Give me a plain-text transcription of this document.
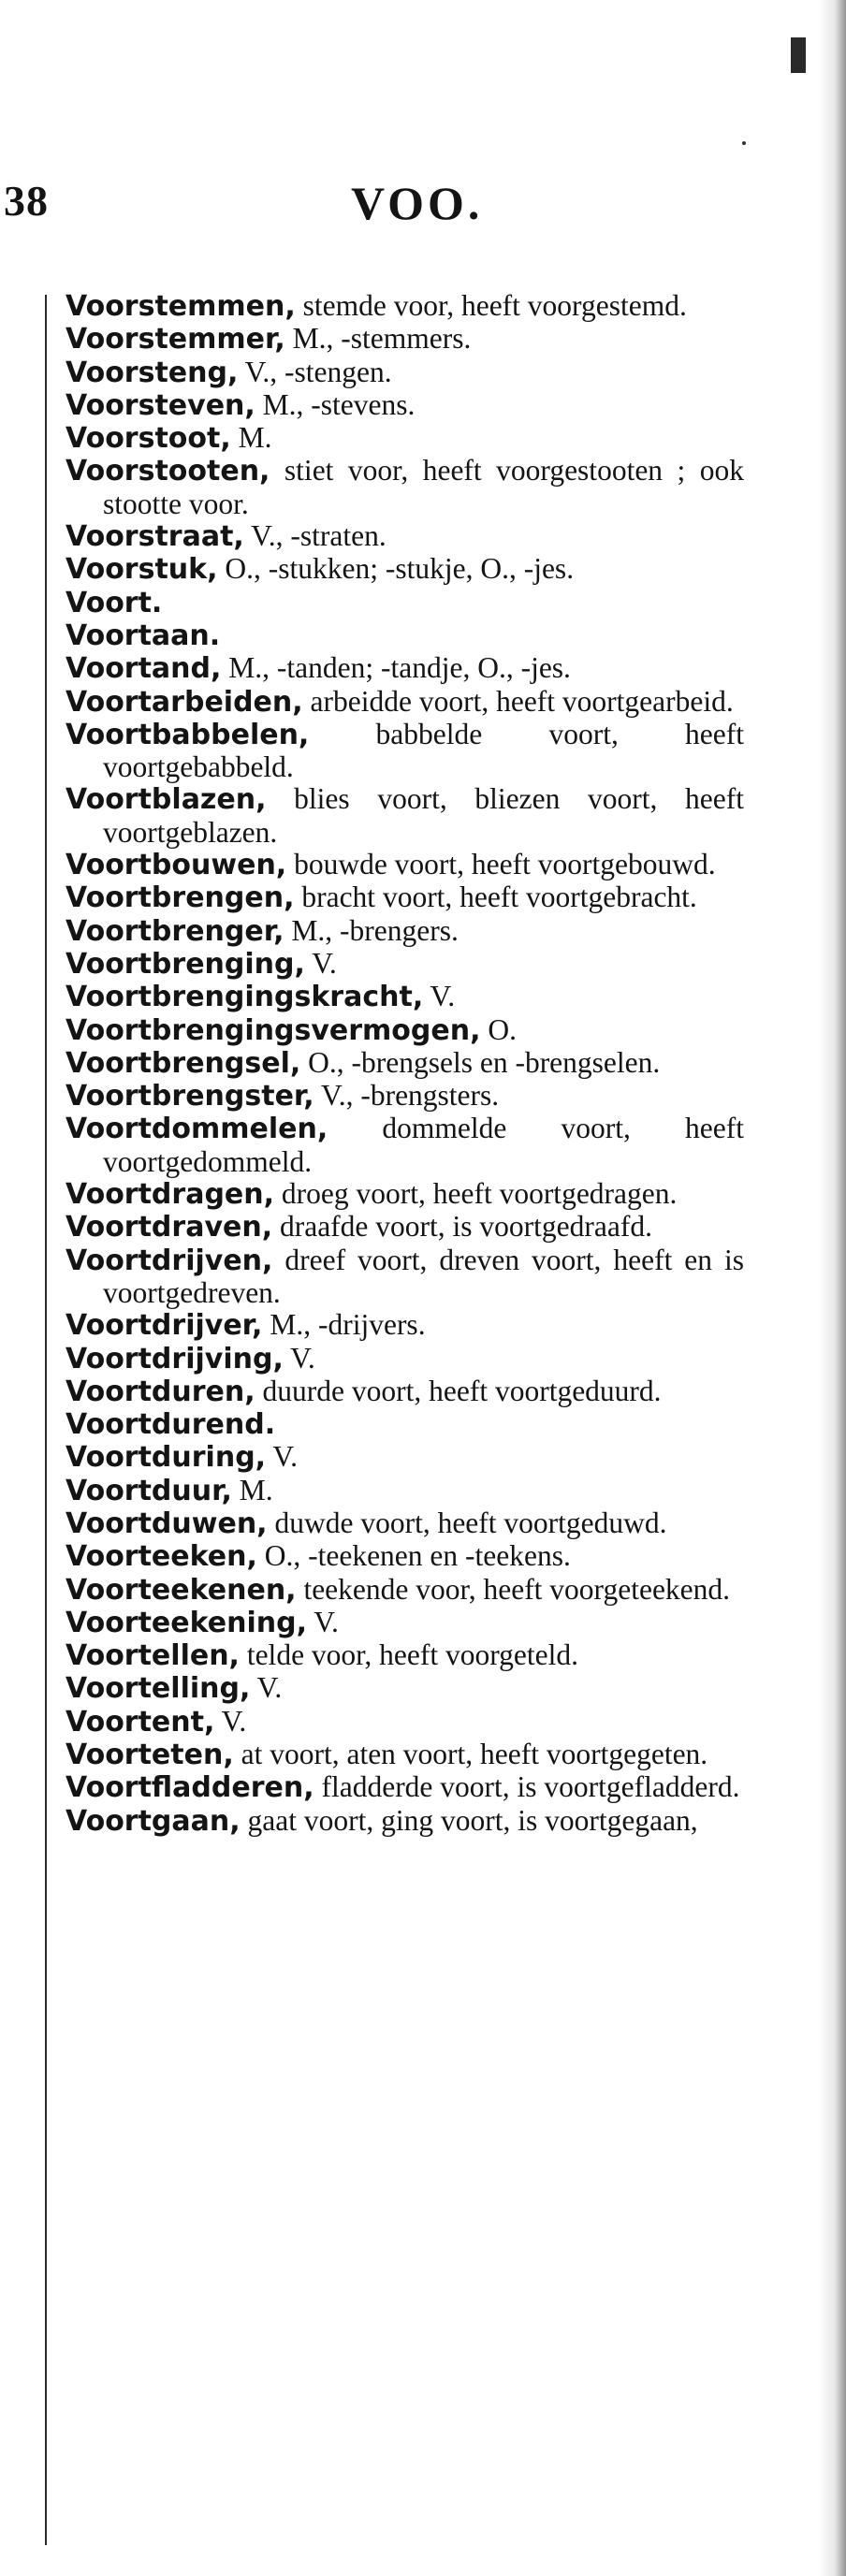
38	VOO.
Voorstemmen, stemde voor, heeft voorgestemd.
Voorstemmer, M., -stemmers.
Voorsteng, V., -stengen.
Voorsteven, M., -stevens.
Voorstoot, M.
Voorstooten, stiet voor, heeft voorgestooten ; ook stootte voor.
Voorstraat, V., -straten.
Voorstuk, O., -stukken; -stukje, O., -jes.
Voort.
Voortaan.
Voortand, M., -tanden; -tandje, O., -jes.
Voortarbeiden, arbeidde voort, heeft voortgearbeid.
Voortbabbelen, babbelde voort, heeft voortgebabbeld.
Voortblazen, blies voort, bliezen voort, heeft voortgeblazen.
Voortbouwen, bouwde voort, heeft voortgebouwd.
Voortbrengen, bracht voort, heeft voortgebracht.
Voortbrenger, M., -brengers.
Voortbrenging, V.
Voortbrengingskracht, V.
Voortbrengingsvermogen, O.
Voortbrengsel, O., -brengsels en -brengselen.
Voortbrengster, V., -brengsters.
Voortdommelen, dommelde voort, heeft voortgedommeld.
Voortdragen, droeg voort, heeft voortgedragen.
Voortdraven, draafde voort, is voortgedraafd.
Voortdrijven, dreef voort, dreven voort, heeft en is voortgedreven.
Voortdrijver, M., -drijvers.
Voortdrijving, V.
Voortduren, duurde voort, heeft voortgeduurd.
Voortdurend.
Voortduring, V.
Voortduur, M.
Voortduwen, duwde voort, heeft voortgeduwd.
Voorteeken, O., -teekenen en -teekens.
Voorteekenen, teekende voor, heeft voorgeteekend.
Voorteekening, V.
Voortellen, telde voor, heeft voorgeteld.
Voortelling, V.
Voortent, V.
Voorteten, at voort, aten voort, heeft voortgegeten.
Voortfladderen, fladderde voort, is voortgefladderd.
Voortgaan, gaat voort, ging voort, is voortgegaan,
